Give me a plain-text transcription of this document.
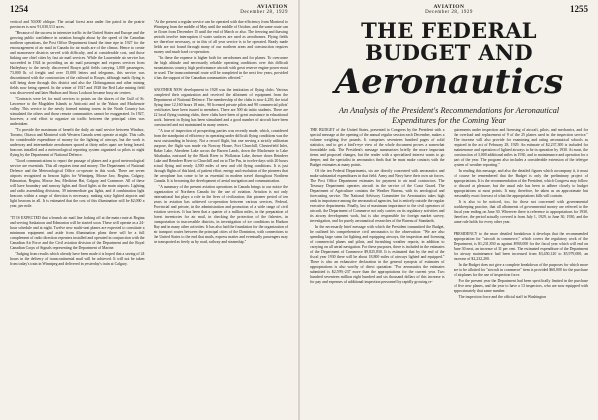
1254	AVIATION
December 28, 1929

vertical and 50,000 oblique. The actual forest area under fire patrol in the prairie provinces is now 91,030,513 acres.

"Because of the success in intensive traffic in the United States and Europe and the growing public confidence in aviation brought about by the speed of the Canadian northern operations, the Post Office Department found the time ripe in 1927 for the encouragement of air mail in Canada for air mails are of the climax. Hence to create and manoeuvre districts served with difficulty, and at considerable cost, and those linking one chief cities by fast air mail services. While the Laurentide air service has succeeded in 1924 in providing an air mail passenger and express services from Haileybury to the newly discovered Rouyn gold fields carrying 1,000 passengers, 73,000 lb. of freight and over 15,000 letters and telegrams, this service was discontinued with the construction of the railroad to Rouyn, although mails flying is still being done through this district and also the Chibougamau and other mining fields now being opened. In the winter of 1927 and 1928 the Red Lake mining field was discovered and later Hudson and Sioux Lookout became busy air centres.

"Contracts were let for mail services to points on the shores of the Gulf of St. Lawrence to the Magdalen Islands to Anticosti and to the Yukon and Mackenzie valley. This service to the newly formed mining towns in the North Country has stimulated the others and those remote communities cannot be exaggerated. In 1927, however, a real effort to organize air traffic between the principal cities was undertaken.

"To provide the maximum of benefit the daily air mail service between Windsor, Toronto, Ottawa and Montreal with Western Canada went operate at night. This calls for considerable expenditure of money for the lighting of airways, but the work is underway and intermediate aerodromes spaced at thirty miles apart are being leased, beacons installed and a meteorological reporting system organized so pilots to night flying by the Department of National Defence.

"Good communications to report the passage of planes and a good meteorological service are essentials. This all requires time and money. The Department of National Defence and the Meteorological Office co-operate in this work. There are seven airports recognized as beacon lights for Winnipeg, Moose Jaw, Regina, Calgary, Edmonton, Regina, Moose Jaw, Medicine Hat, Calgary and Cranmore. All of these will have boundary and runway lights and flood lights at the main airports. Lighting and radio assembling divisions, 39 intermediate gas lights, and if combination light beacons within a range of direction is necessary, making sixty lighted airports and light beacons in all. It is estimated that the cost of this illumination will be $2,000 a year, per mile.

"IT IS EXPECTED that a branch air mail line forking off at the main route at Regina and serving Saskatoon and Edmonton will be started soon. These will operate as a 24-hour schedule and at night. Twelve new multi-seat planes are expected to constitute a minimum equipment and aside from illumination plans there will be a full complement of radio direction repeaters installed and operated in conjunction with the Canadian Air Force and the Civil aviation division of the Department and the Royal Canadian Corps of Signals representing the Department of Marine.

"Judging from results which already have been made it is hoped that a saving of 24 hours in the delivery of transcontinental mail will be achieved. It will not be taken from today's train in Winnipeg and delivered in yesterday's train at Calgary.

"At the present a regular service can be operated with due efficiency from Montreal to Winnipeg from the middle of May until the middle of October, and the same route can be flown from December 15 until the end of March or also. The freezing and thawing periods involve interruption if water surfaces are used as aerodromes. Flying fields are therefore necessary, or in this of all year service is to be operated. Ready made fields are not found through many of our northern areas and construction requires money and much hard co-operation.

"In these the expense is higher both for aerodromes and for planes. To overcome the high altitude and necessarily reliable operating conditions over this difficult mountainous country, high performance aircraft with great reserve engine power must be used. The transcontinental route will be completed in the next few years, provided it has the support of the Canadian communities affected."

ANOTHER NEW development in 1928 was the institution of flying clubs. Various completed their organization and received the allotment of equipment from the Department of National Defence. The membership of the clubs is now 4,250, the total flying time 12,160 hours 18 min., 90 licensed private pilots and 90 commercial pilots' certificates have been issued to members. There are 500 ab initio students. There are 22 local flying training clubs, three clubs have been of great assistance in educational work. Interest in flying has been stimulated and a good number of aircraft have been constructed and not maintained in many centres.

"A tour of inspection of prospecting parties was recently made, which, considered from the standpoint of efficiency in operating under difficult flying conditions was the most outstanding in history. Not a record flight, but one serving a strictly utilitarian purpose, the flight was made via Norway House, Fort Churchill, Chesterfield Inlet, Baker Lake, Aberdeen Lake across the Barren Lands, down the Mackenzie to Lake Athabaska, eastward by the Black River to Wollaston Lake, thence down Reindeer Lake and Reindeer River to Churchill and on to The Pas, in twelve days with 20 hours actual flying and nearly 4,500 miles of new and old flying conditions. It is just through flights of this kind, of patient effort, energy and resolution of the pioneers that the aeroplane has come to be as essential in modern travel throughout Northern Canada. It is becoming the development of aerial navigation and communication.

"A summary of the present aviation operations in Canada brings to our notice the organization of Northern Canada for the use of aviation. Aviation is not only international but plays a role in the lives of civilization; this pioneer period of ten years in aviation has achieved co-operation between various services, Federal, Provincial and private, in the administration and promotion of a wide range of civil aviation services. It has been that a quarter of a million miles, in the preparation of forest inventories for air mail, in checking the protection of the fisheries, in transportation to inaccessible districts, in investigation of ice conditions in Hudson Bay and in many other activities. It has also laid the foundation for the organization of air transport routes between the principal cities of the Dominion, with connections to the United States to the end that mails, express matter and eventually passengers may be transported as freely as by road, railway and steamship."

AVIATION
December 28, 1929	1255
THE FEDERAL BUDGET AND
Aeronautics
An Analysis of the President's Recommendations for Aeronautical Expenditures for the Coming Year

THE BUDGET of the United States, presented to Congress by the President with a special message at the opening of the annual regular session each December, makes a volume weighing five pounds. It comprises seventeen hundred pages of solid statistics, and to get a bird's-eye view of the whole document proves a somewhat formidable task. The President's message summarizes briefly the more important items and proposed changes, but the reader with a specialized interest wants to go deeper, and the specialist in aeronautics finds that he must make contacts with the Budget estimates at many points.

Of the ten Federal Departments, six are directly concerned with aeronautics and make substantial expenditures in that field. Army and Navy have their own air forces. The Post Office Department estimates for payment to air mail contractors. The Treasury Department operates aircraft in the service of the Coast Guard. The Department of Agriculture contains the Weather Bureau, with its aerological and forecasting service. The National Advisory Committee for Aeronautics takes high rank in importance among the aeronautical agencies, but is entirely outside the regular executive departments. Finally, last of maximum importance to the civil operators of aircraft, the Department of Commerce not only carries on its regulatory activities and its airway development work, but is also responsible for foreign market survey, investigation, and for purely aeronautical researches of the Bureau of Standards.

In the necessarily brief message with which the President transmitted the Budget, he outlined his comprehensive civil aeronautics to the observation: "We are also spending large sums for lighting and equipping airways, the inspection and licensing of commercial planes and pilots, and furnishing weather reports, in addition to carrying on all aerial navigation. For these purposes, there is included in the estimates of the Department of Commerce $9,825,830. It is estimated that by the end of the fiscal year 1930 there will be about 18,800 miles of airways lighted and equipped." There is also an exhaustive declaration in the general synopsis of estimates of appropriations is also worthy of direct quotation: "For aeronautics the estimates submitted is $2,599,-237 more than the appropriations for the current year. Two hundred seventeen million eight hundred and six thousand dollars of this increase is for pay and expenses of additional inspection personnel by rapidly growing re-

quirements under inspection and licensing of aircraft, pilots, and mechanics, and for the overload and replacement of 9 of the 25 planes used in the inspection service." The increase will also provide for examining and rating aeronautical schools as required in the act of February 28, 1929. An estimate of $2,237,300 is included for maintenance and operation of lighted airways to be in operation by 1930. At most, the construction of 3,000 additional miles in 1930, and to maintenance and operation for a part of the year. The program also includes a considerable extension of the teletype system of weather reporting."

In reading this message, and also the detailed figures which accompany it, it must of course be remembered that the Budget is only the preliminary project of appropriations. It is the recommendation of the President, which Congress may follow or discard at pleasure, but the usual rule has been to adhere closely to budget appropriations at most points. It may, therefore, be taken as an approximate but reasonably exact forecast of what the appropriations bills will contain.

It is also to be noticed, too, for those not concerned with governmental bookkeeping practice, that all allotments of governmental money are referred to the fiscal year ending on June 30. Wherever there is reference to appropriations for 1930, therefore, the period actually covered is from July 1, 1929, to June 30, 1930, and the same rule holds for every other year.

PRESIDENCY to the more detailed breakdown it develops that the recommended appropriation for "aircraft in commerce," which covers the regulatory work of the Department, is $1,231,830 as against $938,000 for the fiscal year which will end on June 30 next, an increase of 31 per cent. The estimated expenditure of the Department for airway maintenance had been increased from $3,450,120 to $5,979,000, an increase of $2,232,200.

In the Budget does not give a complete breakdown of the purposes for which more are to be allotted for "aircraft in commerce" item is provided $60,000 for the purchase of airplanes for the use of inspection force.

For the present year the Department had been specifically limited in the purchase of five new planes, and the year to have a 13 inspectors, who are now equipped with approximately that same number.

The inspection force and the official staff in Washington
